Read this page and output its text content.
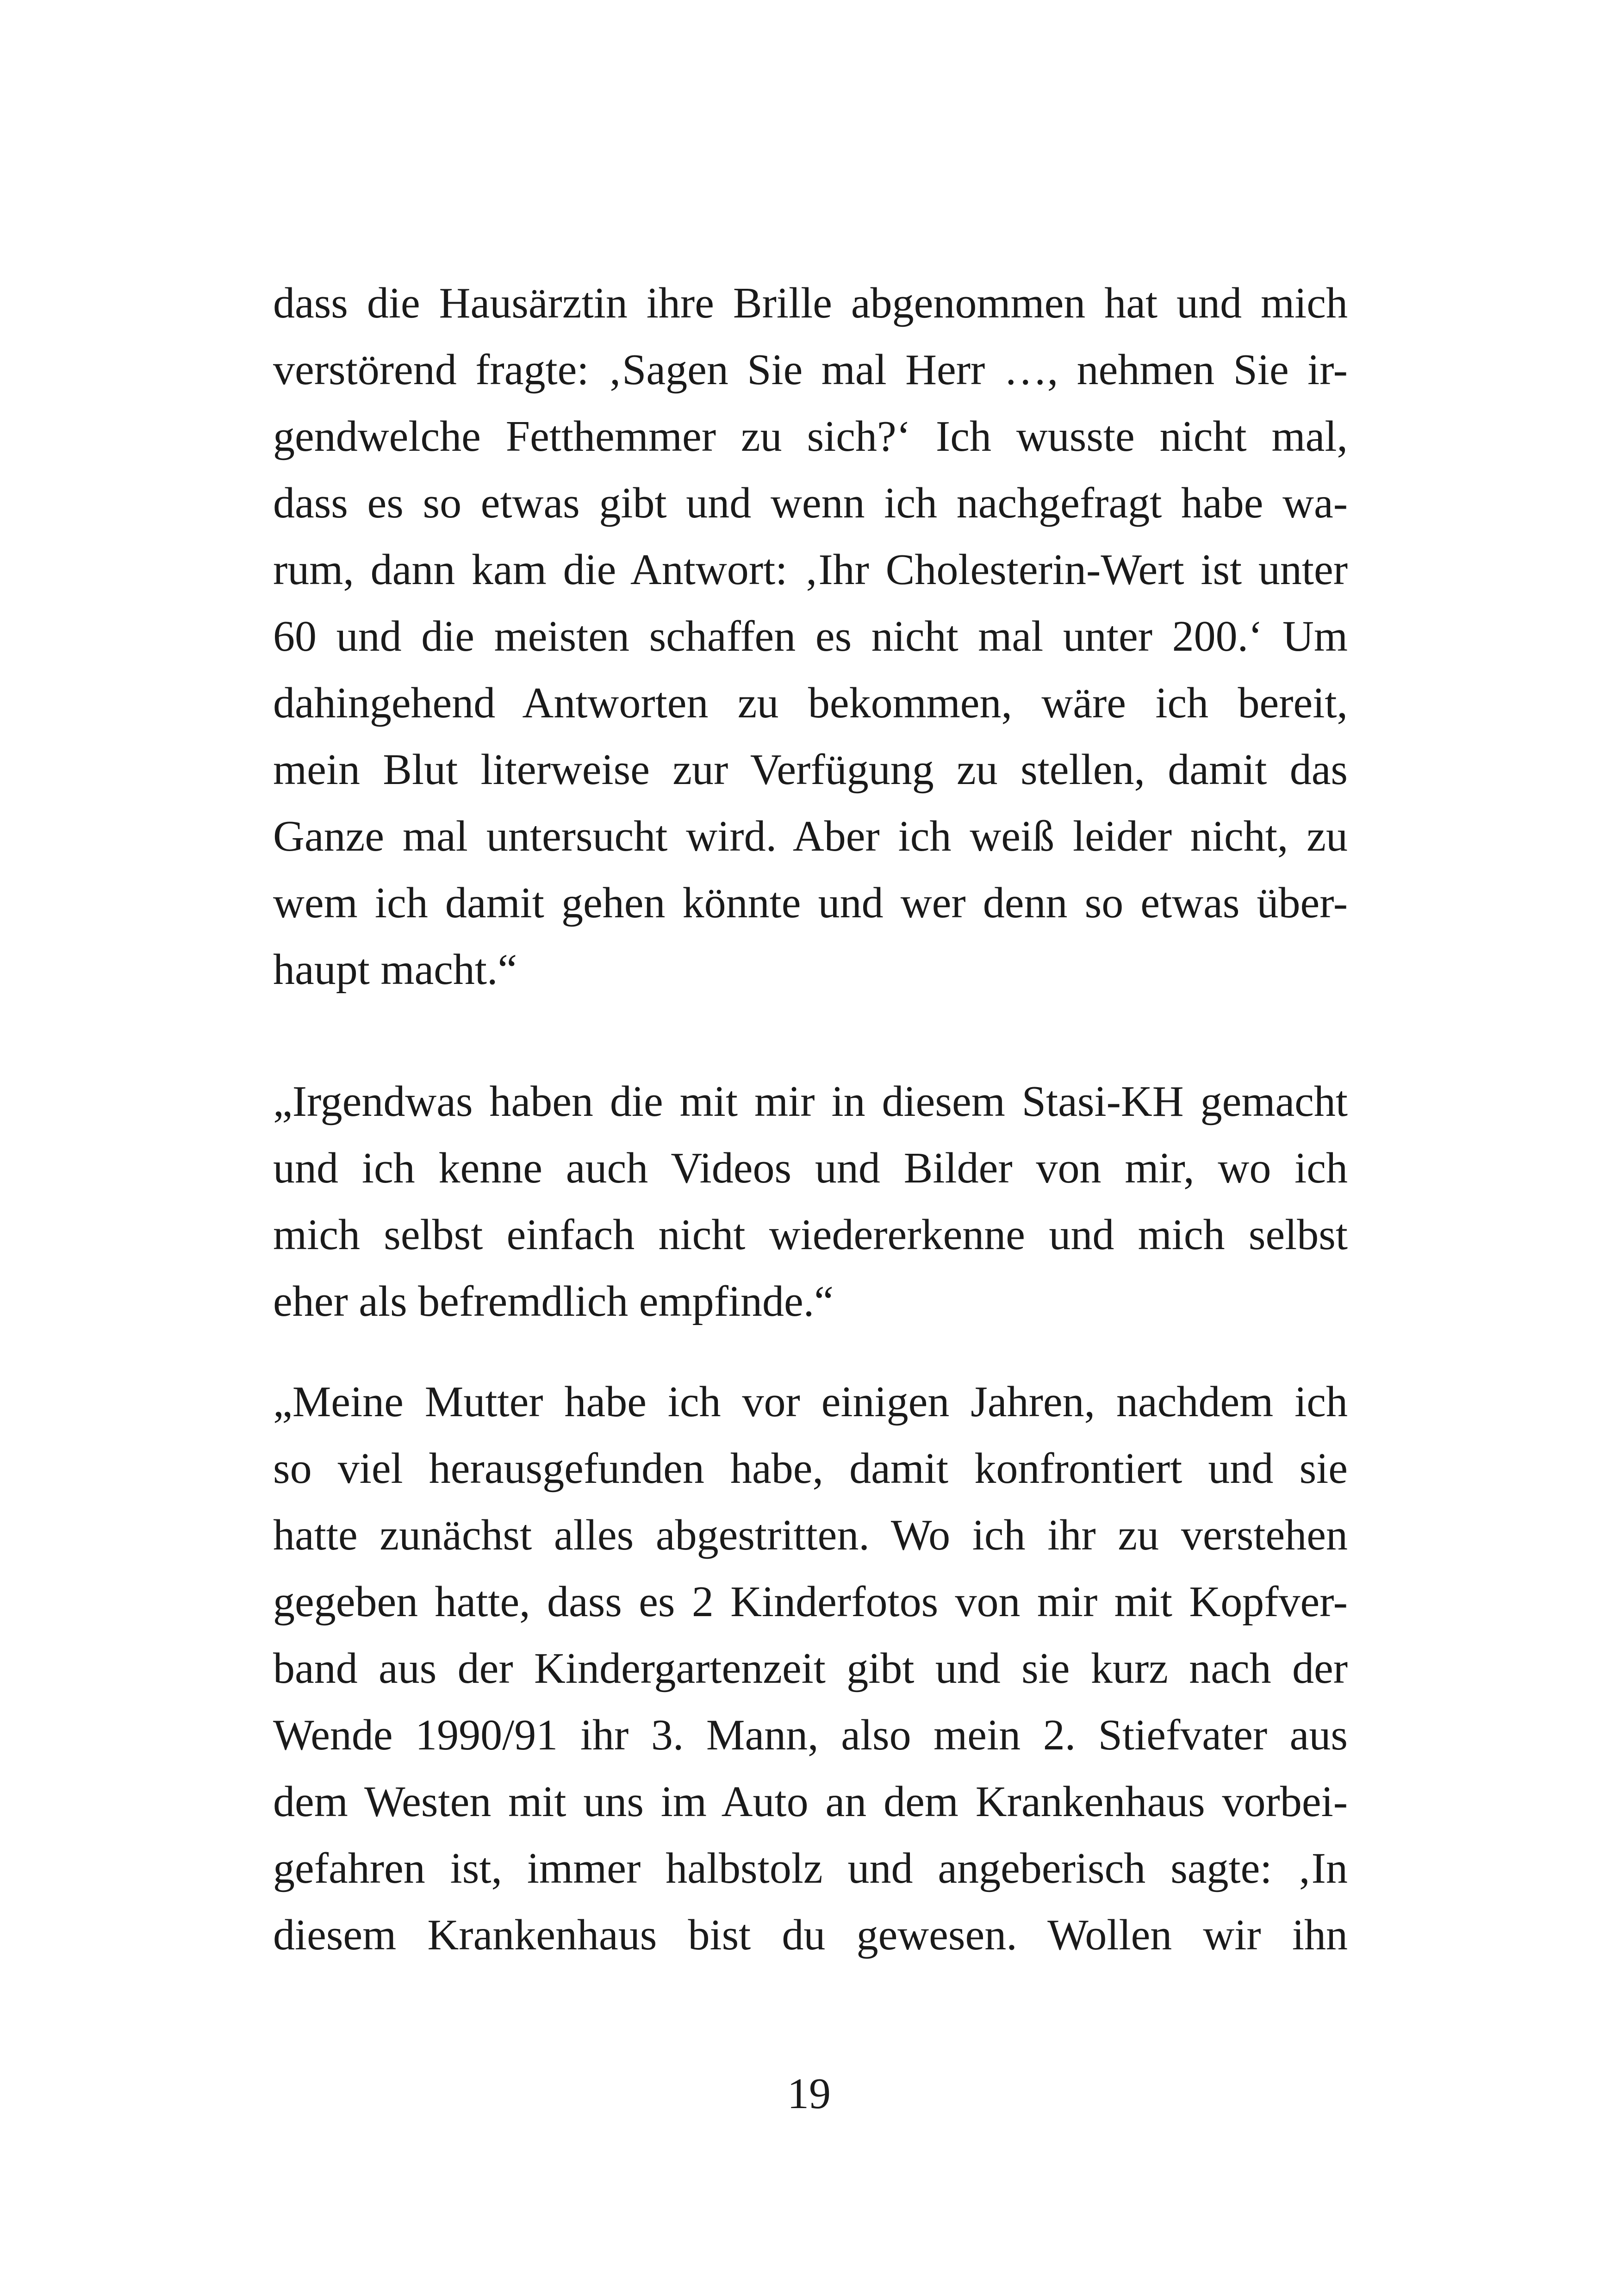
dass die Hausärztin ihre Brille abgenommen hat und mich
verstörend fragte: ‚Sagen Sie mal Herr …, nehmen Sie ir-
gendwelche Fetthemmer zu sich?‘ Ich wusste nicht mal,
dass es so etwas gibt und wenn ich nachgefragt habe wa-
rum, dann kam die Antwort: ‚Ihr Cholesterin-Wert ist unter
60 und die meisten schaffen es nicht mal unter 200.‘ Um
dahingehend Antworten zu bekommen, wäre ich bereit,
mein Blut literweise zur Verfügung zu stellen, damit das
Ganze mal untersucht wird. Aber ich weiß leider nicht, zu
wem ich damit gehen könnte und wer denn so etwas über-
haupt macht.“
„Irgendwas haben die mit mir in diesem Stasi-KH gemacht
und ich kenne auch Videos und Bilder von mir, wo ich
mich selbst einfach nicht wiedererkenne und mich selbst
eher als befremdlich empfinde.“
„Meine Mutter habe ich vor einigen Jahren, nachdem ich
so viel herausgefunden habe, damit konfrontiert und sie
hatte zunächst alles abgestritten. Wo ich ihr zu verstehen
gegeben hatte, dass es 2 Kinderfotos von mir mit Kopfver-
band aus der Kindergartenzeit gibt und sie kurz nach der
Wende 1990/91 ihr 3. Mann, also mein 2. Stiefvater aus
dem Westen mit uns im Auto an dem Krankenhaus vorbei-
gefahren ist, immer halbstolz und angeberisch sagte: ‚In
diesem Krankenhaus bist du gewesen. Wollen wir ihn
19
